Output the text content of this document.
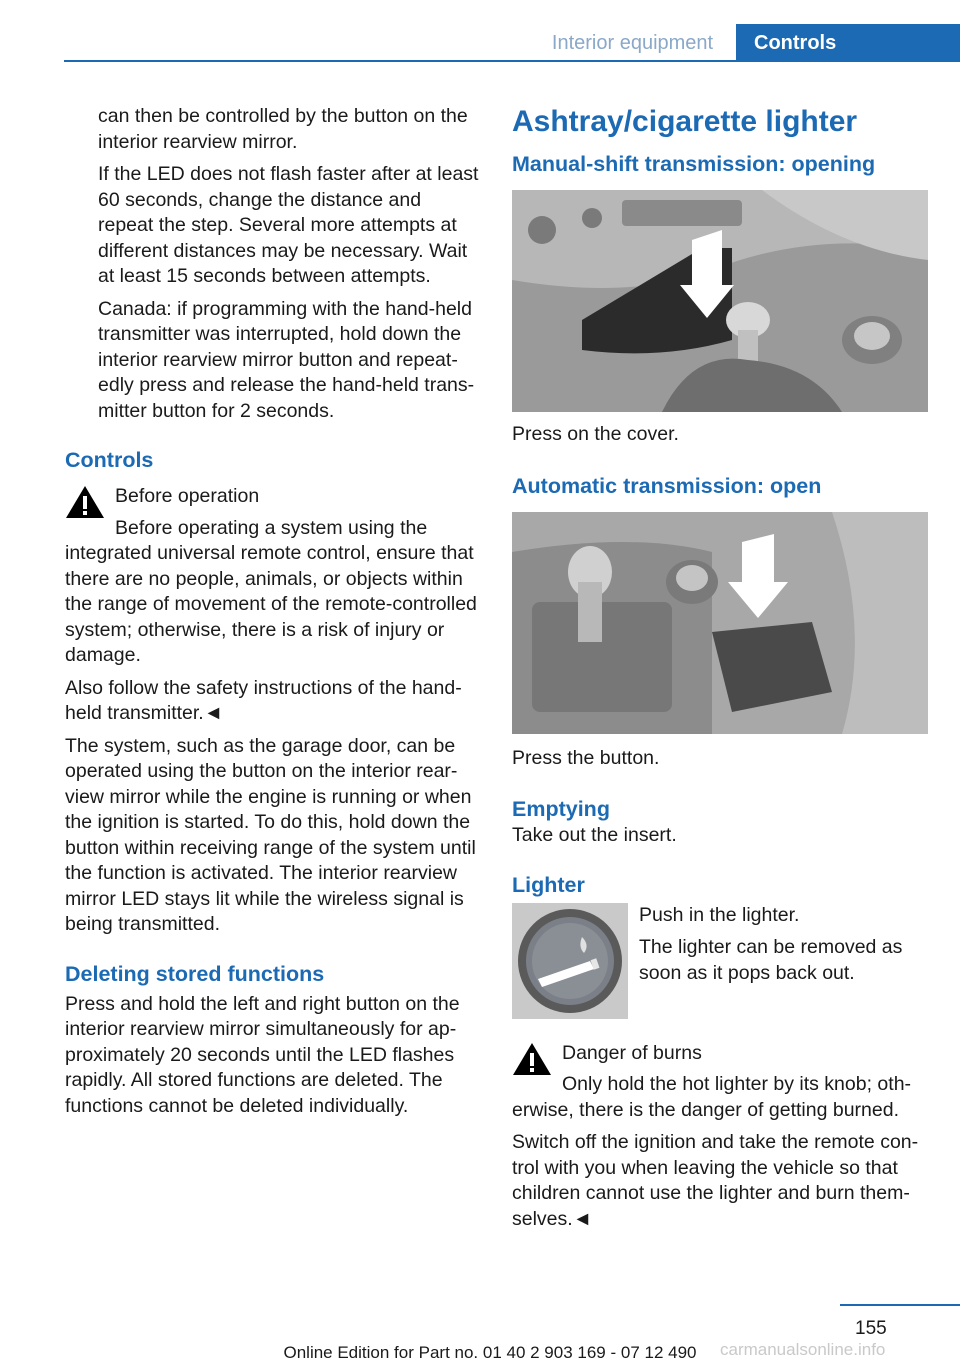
Interior equipment	Controls

can then be controlled by the button on the interior rearview mirror.

If the LED does not flash faster after at least 60 seconds, change the distance and repeat the step. Several more attempts at different distances may be necessary. Wait at least 15 seconds between attempts.

Canada: if programming with the hand-held transmitter was interrupted, hold down the interior rearview mirror button and repeat-edly press and release the hand-held trans-mitter button for 2 seconds.

Controls

Before operation

Before operating a system using the integrated universal remote control, ensure that there are no people, animals, or objects within the range of movement of the remote-controlled system; otherwise, there is a risk of injury or damage.

Also follow the safety instructions of the hand-held transmitter.◄

The system, such as the garage door, can be operated using the button on the interior rear-view mirror while the engine is running or when the ignition is started. To do this, hold down the button within receiving range of the system until the function is activated. The interior rearview mirror LED stays lit while the wireless signal is being transmitted.

Deleting stored functions

Press and hold the left and right button on the interior rearview mirror simultaneously for ap-proximately 20 seconds until the LED flashes rapidly. All stored functions are deleted. The functions cannot be deleted individually.

Ashtray/cigarette lighter
Manual-shift transmission: opening

Press on the cover.

Automatic transmission: open

Press the button.

Emptying

Take out the insert.

Lighter

Push in the lighter.

The lighter can be removed as soon as it pops back out.

Danger of burns

Only hold the hot lighter by its knob; oth-erwise, there is the danger of getting burned.

Switch off the ignition and take the remote con-trol with you when leaving the vehicle so that children cannot use the lighter and burn them-selves.◄

155
Online Edition for Part no. 01 40 2 903 169 - 07 12 490	carmanualsonline.info
